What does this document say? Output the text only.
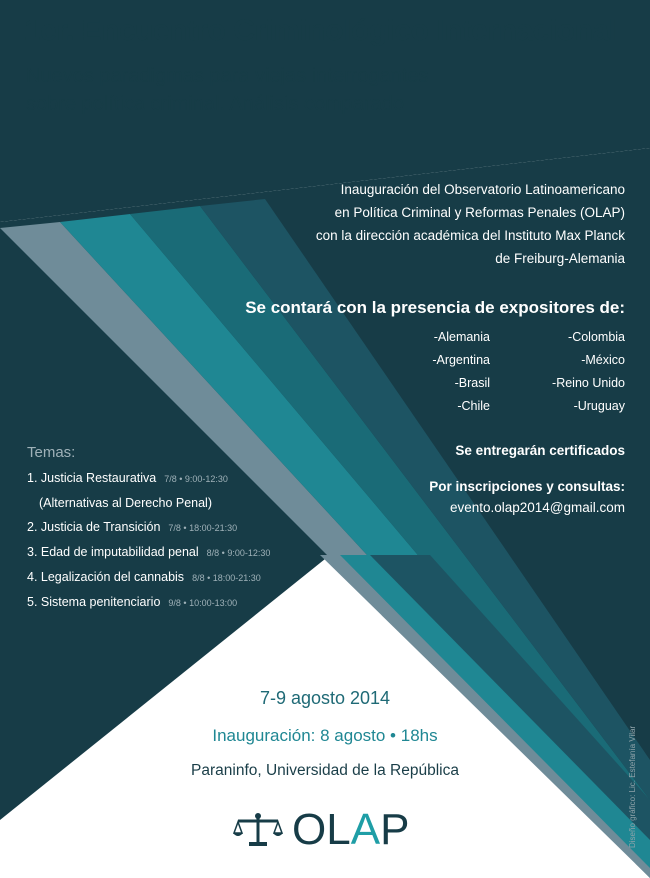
1er. Encuentro Criminológico Internacional
Nuevos paradigmas para viejas interrogantes
sobre política criminal. Análisis comparado
Inauguración del Observatorio Latinoamericano
en Política Criminal y Reformas Penales (OLAP)
con la dirección académica del Instituto Max Planck
de Freiburg-Alemania
Se contará con la presencia de expositores de:
-Alemania	-Colombia
-Argentina	-México
-Brasil	-Reino Unido
-Chile	-Uruguay
Se entregarán certificados
Por inscripciones y consultas:
evento.olap2014@gmail.com
Temas:
1. Justicia Restaurativa 7/8 • 9:00-12:30
(Alternativas al Derecho Penal)
2. Justicia de Transición 7/8 • 18:00-21:30
3. Edad de imputabilidad penal 8/8 • 9:00-12:30
4. Legalización del cannabis 8/8 • 18:00-21:30
5. Sistema penitenciario 9/8 • 10:00-13:00
7-9 agosto 2014
Inauguración: 8 agosto • 18hs
Paraninfo, Universidad de la República
OLAP	Diseño gráfico: Lic. Estefanía Vilar
